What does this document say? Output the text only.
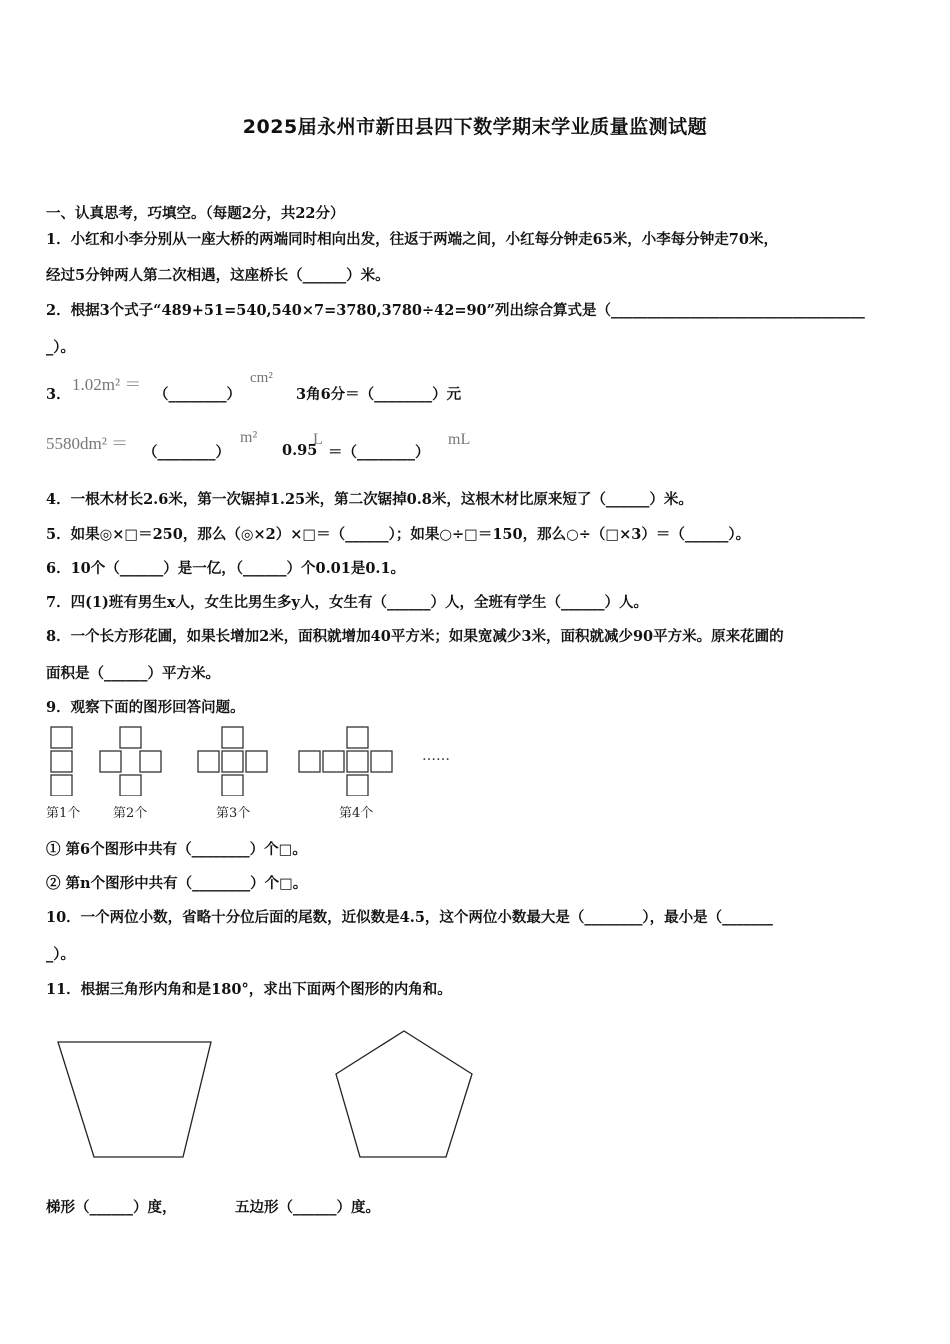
2025届永州市新田县四下数学期末学业质量监测试题
一、认真思考，巧填空。（每题2分，共22分）
1．小红和小李分别从一座大桥的两端同时相向出发，往返于两端之间，小红每分钟走65米，小李每分钟走70米，
经过5分钟两人第二次相遇，这座桥长（______）米。
2．根据3个式子“489+51=540,540×7=3780,3780÷42=90”列出综合算式是（___________________________________
_）。
3．
1.02m² ＝
（________）
cm²
3角6分＝（________）元
5580dm² ＝ （________）
m²
0.95
L
＝（________）
mL
4．一根木材长2.6米，第一次锯掉1.25米，第二次锯掉0.8米，这根木材比原来短了（______）米。
5．如果◎×□＝250，那么（◎×2）×□＝（______）；如果○÷□＝150，那么○÷（□×3）＝（______）。
6．10个（______）是一亿，（______）个0.01是0.1。
7．四(1)班有男生x人，女生比男生多y人，女生有（______）人，全班有学生（______）人。
8．一个长方形花圃，如果长增加2米，面积就增加40平方米；如果宽减少3米，面积就减少90平方米。原来花圃的
面积是（______）平方米。
9．观察下面的图形回答问题。
……
第1个	第2个	第3个	第4个
① 第6个图形中共有（________）个□。
② 第n个图形中共有（________）个□。
10．一个两位小数，省略十分位后面的尾数，近似数是4.5，这个两位小数最大是（________），最小是（_______
_）。
11．根据三角形内角和是180°，求出下面两个图形的内角和。
梯形（______）度，	五边形（______）度。
